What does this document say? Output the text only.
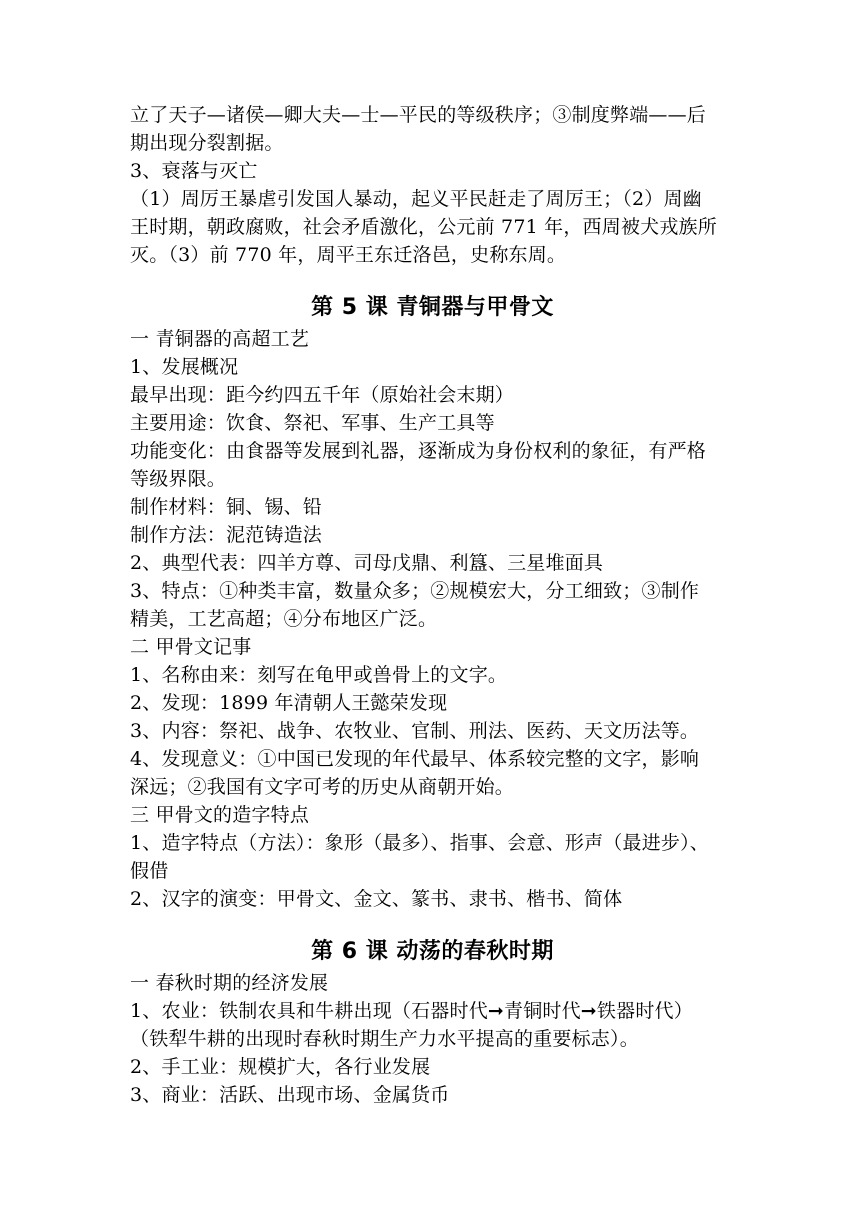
立了天子—诸侯—卿大夫—士—平民的等级秩序；③制度弊端——后
期出现分裂割据。
3、衰落与灭亡
（1）周厉王暴虐引发国人暴动，起义平民赶走了周厉王；（2）周幽
王时期，朝政腐败，社会矛盾激化，公元前 771 年，西周被犬戎族所
灭。（3）前 770 年，周平王东迁洛邑，史称东周。
第 5 课 青铜器与甲骨文
一 青铜器的高超工艺
1、发展概况
最早出现：距今约四五千年（原始社会末期）
主要用途：饮食、祭祀、军事、生产工具等
功能变化：由食器等发展到礼器，逐渐成为身份权利的象征，有严格
等级界限。
制作材料：铜、锡、铅
制作方法：泥范铸造法
2、典型代表：四羊方尊、司母戊鼎、利簋、三星堆面具
3、特点：①种类丰富，数量众多；②规模宏大，分工细致；③制作
精美，工艺高超；④分布地区广泛。
二 甲骨文记事
1、名称由来：刻写在龟甲或兽骨上的文字。
2、发现：1899 年清朝人王懿荣发现
3、内容：祭祀、战争、农牧业、官制、刑法、医药、天文历法等。
4、发现意义：①中国已发现的年代最早、体系较完整的文字，影响
深远；②我国有文字可考的历史从商朝开始。
三 甲骨文的造字特点
1、造字特点（方法）：象形（最多）、指事、会意、形声（最进步）、
假借
2、汉字的演变：甲骨文、金文、篆书、隶书、楷书、简体
第 6 课 动荡的春秋时期
一 春秋时期的经济发展
1、农业：铁制农具和牛耕出现（石器时代➞青铜时代➞铁器时代）
（铁犁牛耕的出现时春秋时期生产力水平提高的重要标志）。
2、手工业：规模扩大，各行业发展
3、商业：活跃、出现市场、金属货币
